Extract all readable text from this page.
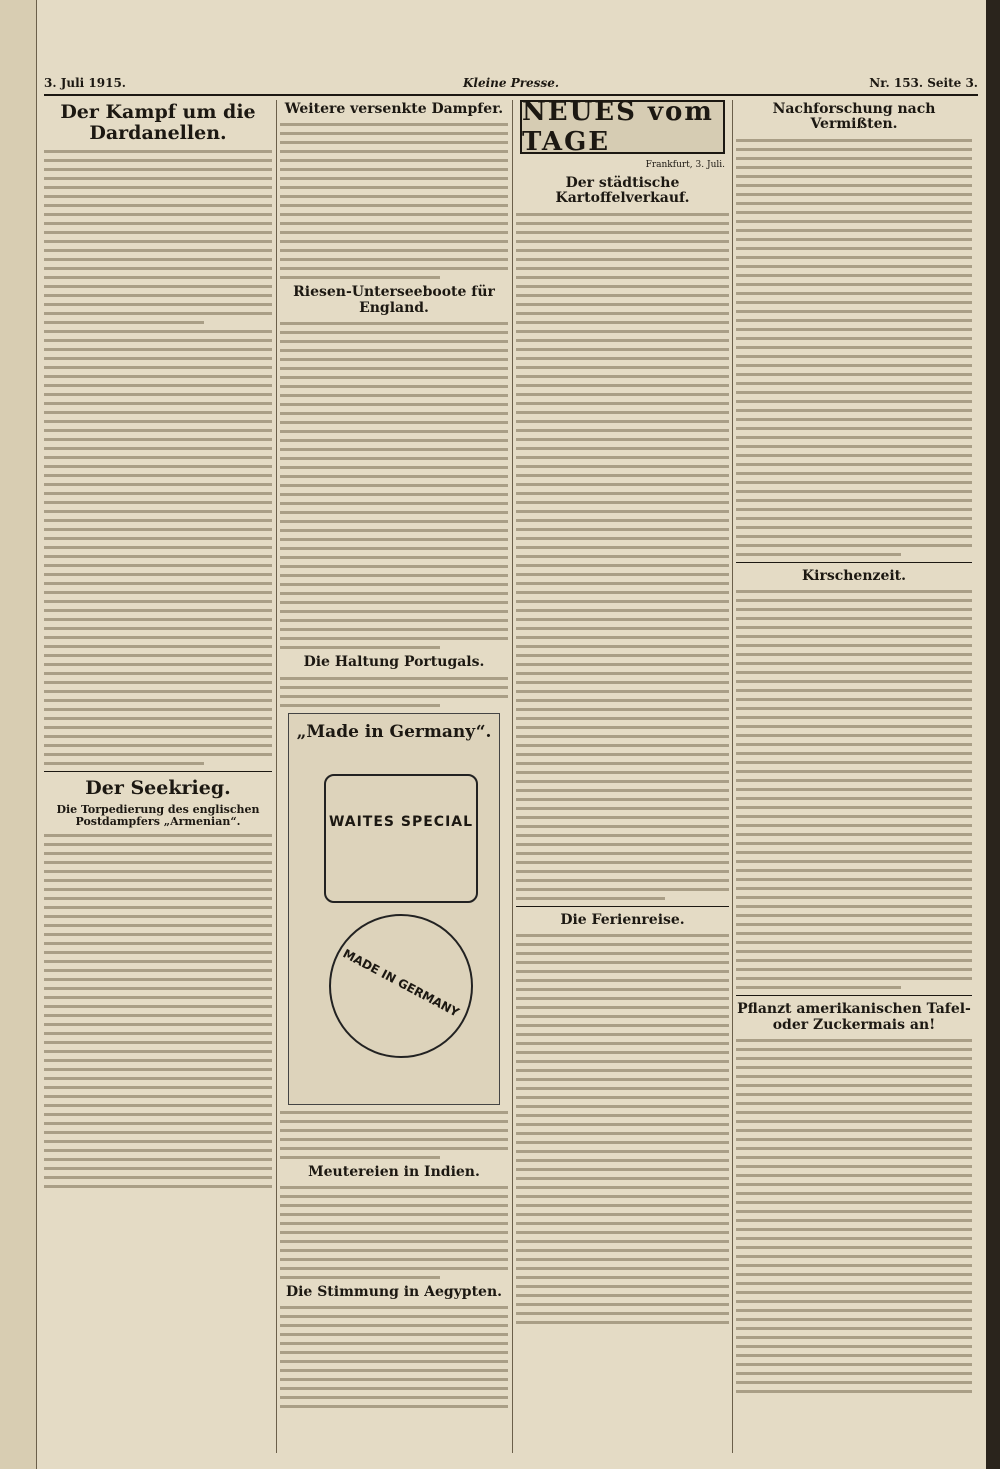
3. Juli 1915.	Kleine Presse.	Nr. 153. Seite 3.
Der Kampf um die Dardanellen.
Der Seekrieg.
Die Torpedierung des englischen Postdampfers „Armenian“.
Weitere versenkte Dampfer.
Riesen-Unterseeboote für England.
Die Haltung Portugals.
„Made in Germany“.
WAITES SPECIAL
MADE IN GERMANY
Meutereien in Indien.
Die Stimmung in Aegypten.
NEUES vom TAGE
Frankfurt, 3. Juli.
Der städtische Kartoffelverkauf.
Die Ferienreise.
Nachforschung nach Vermißten.
Kirschenzeit.
Pflanzt amerikanischen Tafel- oder Zuckermais an!
